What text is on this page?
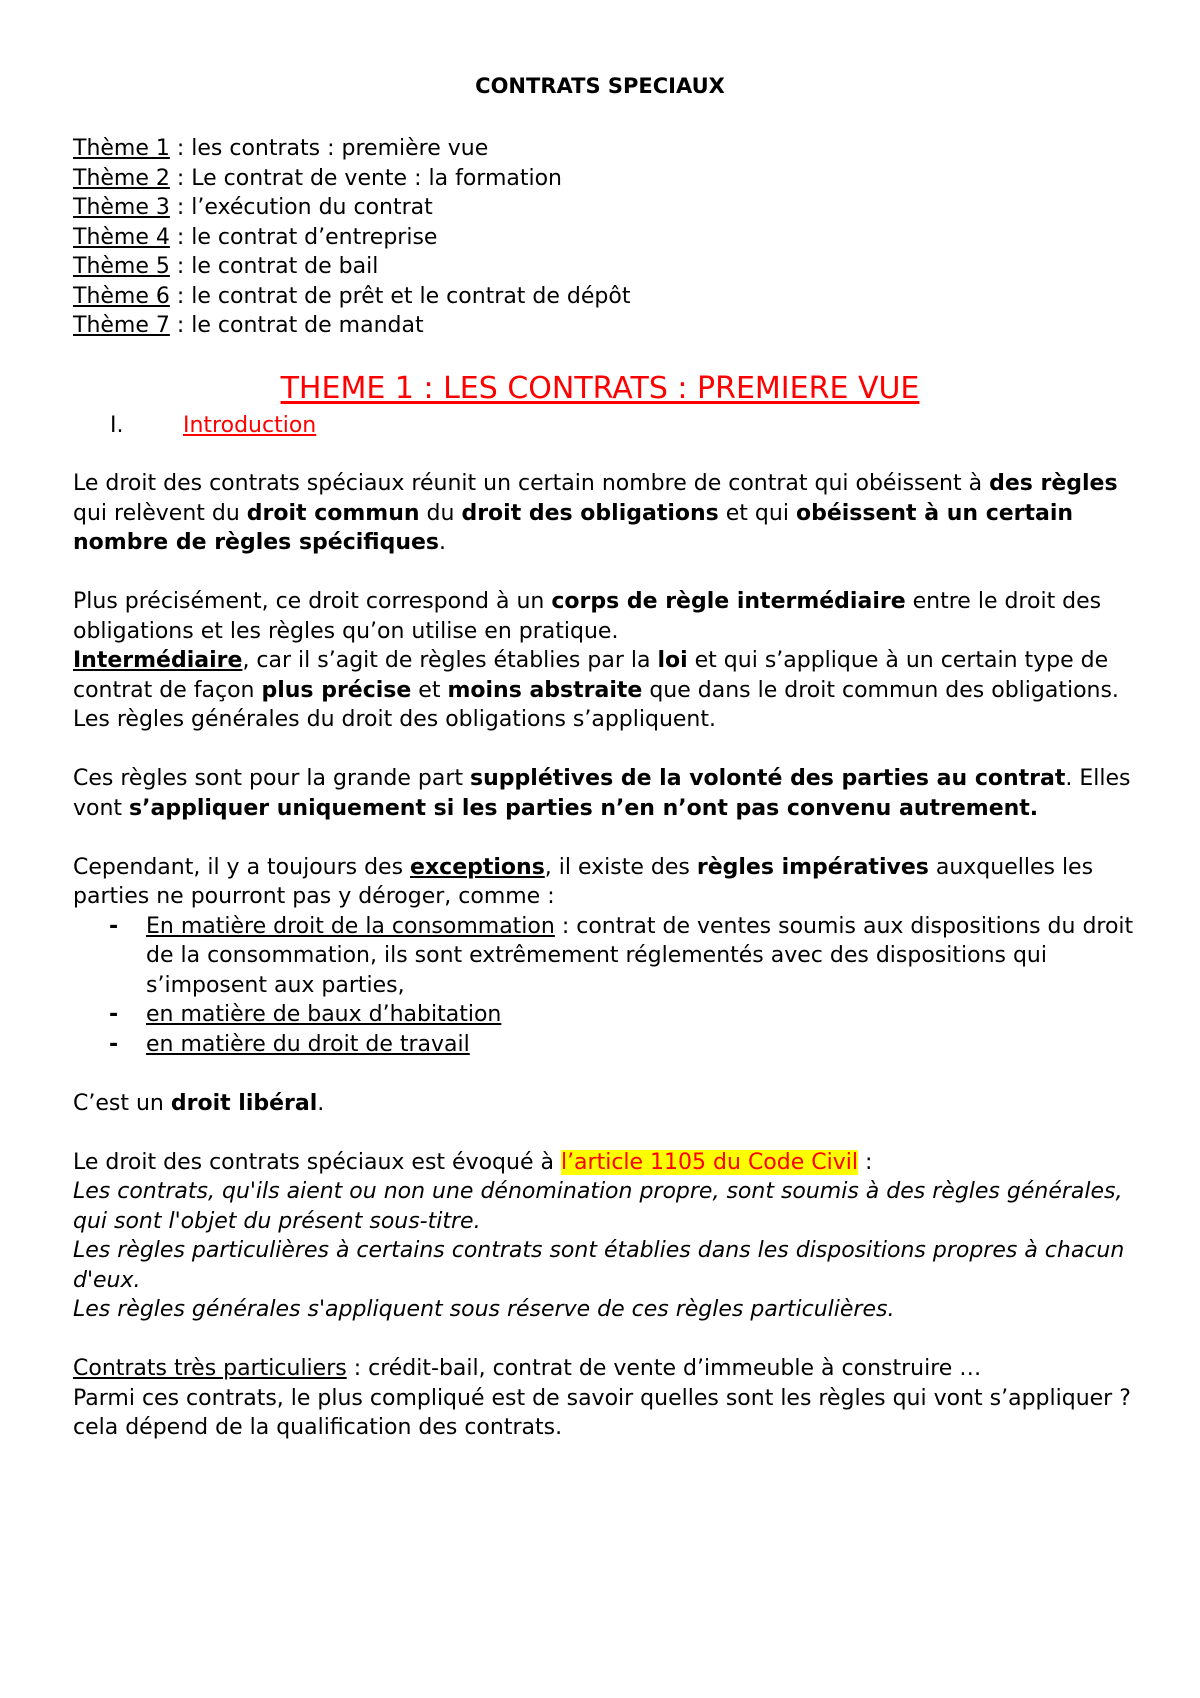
CONTRATS SPECIAUX
Thème 1 : les contrats : première vue
Thème 2 : Le contrat de vente : la formation
Thème 3 : l’exécution du contrat
Thème 4 : le contrat d’entreprise
Thème 5 : le contrat de bail
Thème 6 : le contrat de prêt et le contrat de dépôt
Thème 7 : le contrat de mandat
THEME 1 : LES CONTRATS : PREMIERE VUE
I.	Introduction

Le droit des contrats spéciaux réunit un certain nombre de contrat qui obéissent à des règles qui relèvent du droit commun du droit des obligations et qui obéissent à un certain nombre de règles spécifiques.

Plus précisément, ce droit correspond à un corps de règle intermédiaire entre le droit des obligations et les règles qu’on utilise en pratique.

Intermédiaire, car il s’agit de règles établies par la loi et qui s’applique à un certain type de contrat de façon plus précise et moins abstraite que dans le droit commun des obligations. Les règles générales du droit des obligations s’appliquent.

Ces règles sont pour la grande part supplétives de la volonté des parties au contrat. Elles vont s’appliquer uniquement si les parties n’en n’ont pas convenu autrement.

Cependant, il y a toujours des exceptions, il existe des règles impératives auxquelles les parties ne pourront pas y déroger, comme :

- En matière droit de la consommation : contrat de ventes soumis aux dispositions du droit de la consommation, ils sont extrêmement réglementés avec des dispositions qui s’imposent aux parties,
- en matière de baux d’habitation
- en matière du droit de travail

C’est un droit libéral.

Le droit des contrats spéciaux est évoqué à l’article 1105 du Code Civil :

Les contrats, qu'ils aient ou non une dénomination propre, sont soumis à des règles générales, qui sont l'objet du présent sous-titre.

Les règles particulières à certains contrats sont établies dans les dispositions propres à chacun d'eux.

Les règles générales s'appliquent sous réserve de ces règles particulières.

Contrats très particuliers : crédit-bail, contrat de vente d’immeuble à construire …

Parmi ces contrats, le plus compliqué est de savoir quelles sont les règles qui vont s’appliquer ? cela dépend de la qualification des contrats.
